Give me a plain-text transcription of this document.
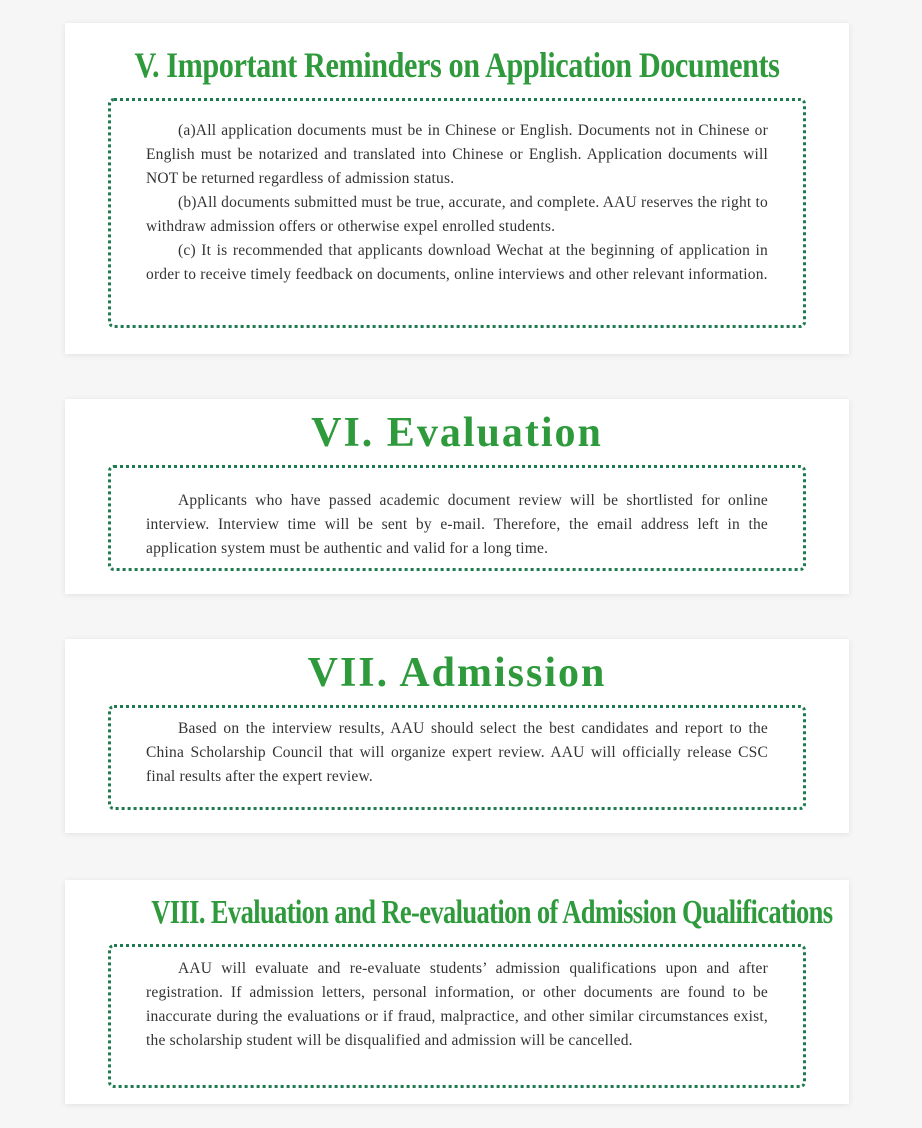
V. Important Reminders on Application Documents

(a)All application documents must be in Chinese or English. Documents not in Chinese or English must be notarized and translated into Chinese or English. Application documents will NOT be returned regardless of admission status.

(b)All documents submitted must be true, accurate, and complete. AAU reserves the right to withdraw admission offers or otherwise expel enrolled students.

(c) It is recommended that applicants download Wechat at the beginning of application in order to receive timely feedback on documents, online interviews and other relevant information.

VI. Evaluation

Applicants who have passed academic document review will be shortlisted for online interview. Interview time will be sent by e-mail. Therefore, the email address left in the application system must be authentic and valid for a long time.

VII. Admission

Based on the interview results, AAU should select the best candidates and report to the China Scholarship Council that will organize expert review. AAU will officially release CSC final results after the expert review.

VIII. Evaluation and Re-evaluation of Admission Qualifications

AAU will evaluate and re-evaluate students’ admission qualifications upon and after registration. If admission letters, personal information, or other documents are found to be inaccurate during the evaluations or if fraud, malpractice, and other similar circumstances exist, the scholarship student will be disqualified and admission will be cancelled.
